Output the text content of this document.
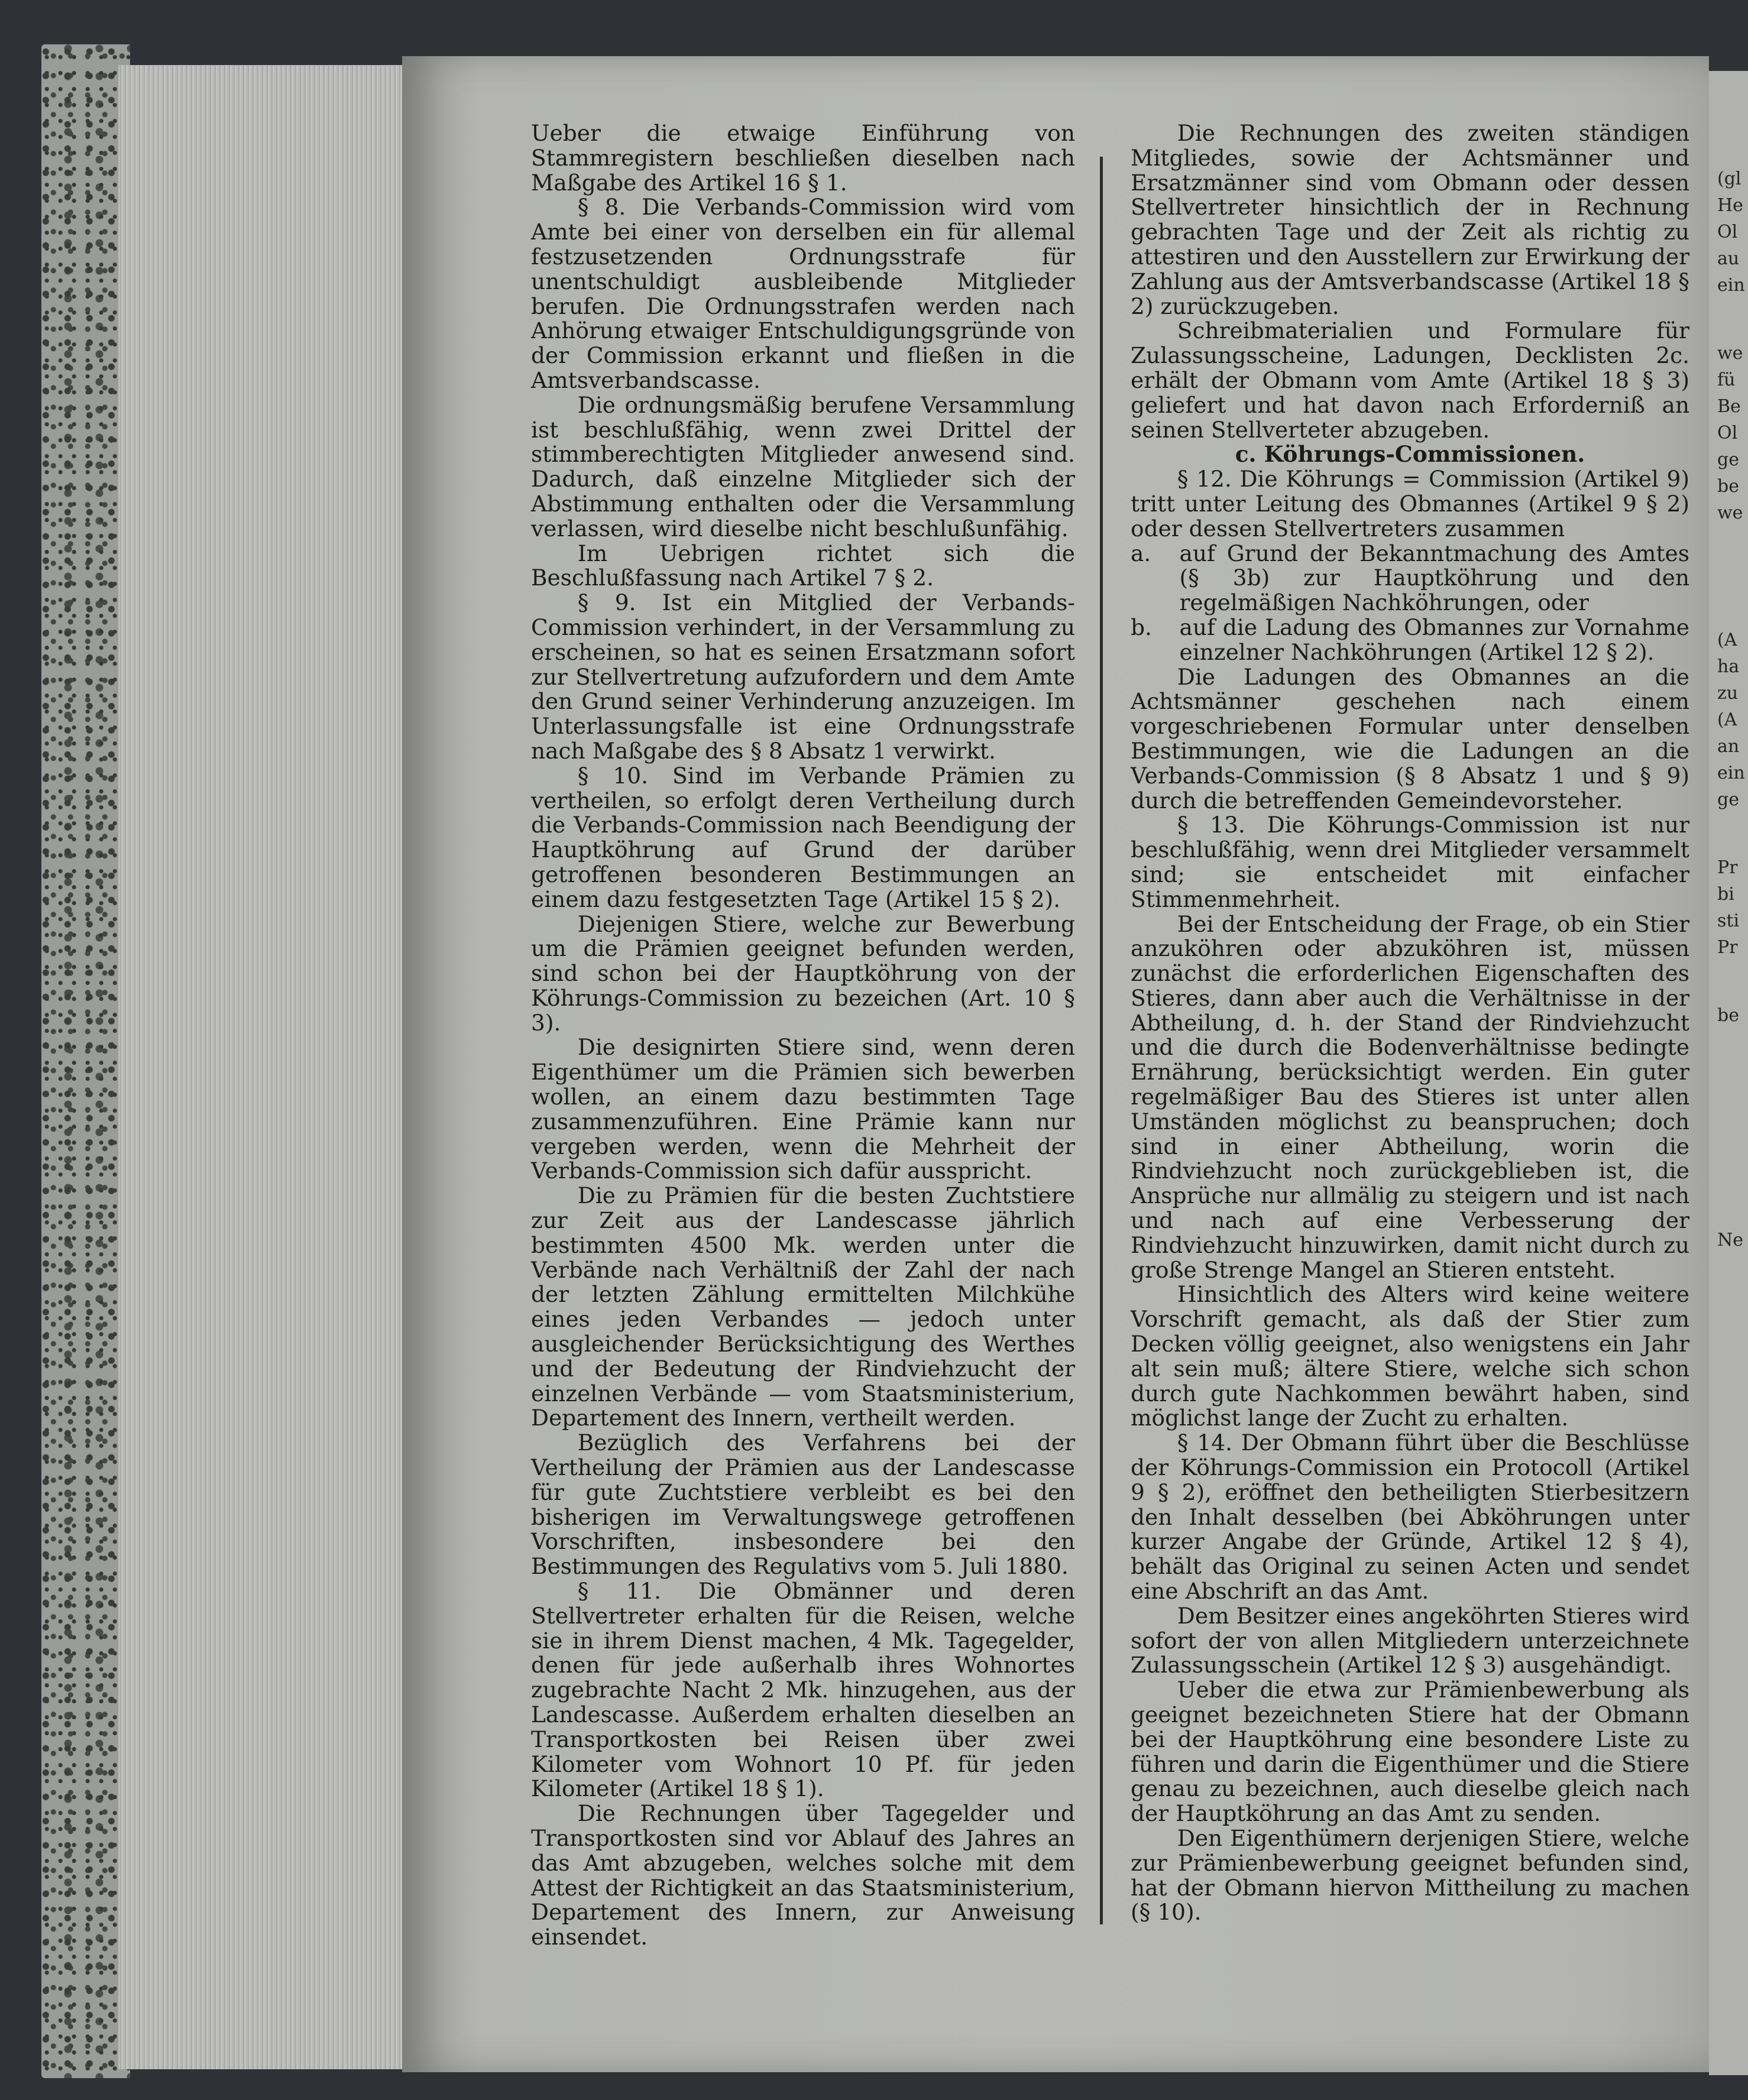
Ueber die etwaige Einführung von Stammregistern beschließen dieselben nach Maßgabe des Artikel 16 § 1.

§ 8. Die Verbands-Commission wird vom Amte bei einer von derselben ein für allemal festzusetzenden Ordnungsstrafe für unentschuldigt ausbleibende Mitglieder berufen. Die Ordnungsstrafen werden nach Anhörung etwaiger Entschuldigungsgründe von der Commission erkannt und fließen in die Amtsverbandscasse.

Die ordnungsmäßig berufene Versammlung ist beschlußfähig, wenn zwei Drittel der stimmberechtigten Mitglieder anwesend sind. Dadurch, daß einzelne Mitglieder sich der Abstimmung enthalten oder die Versammlung verlassen, wird dieselbe nicht beschlußunfähig.

Im Uebrigen richtet sich die Beschlußfassung nach Artikel 7 § 2.

§ 9. Ist ein Mitglied der Verbands-Commission verhindert, in der Versammlung zu erscheinen, so hat es seinen Ersatzmann sofort zur Stellvertretung aufzufordern und dem Amte den Grund seiner Verhinderung anzuzeigen. Im Unterlassungsfalle ist eine Ordnungsstrafe nach Maßgabe des § 8 Absatz 1 verwirkt.

§ 10. Sind im Verbande Prämien zu vertheilen, so erfolgt deren Vertheilung durch die Verbands-Commission nach Beendigung der Hauptköhrung auf Grund der darüber getroffenen besonderen Bestimmungen an einem dazu festgesetzten Tage (Artikel 15 § 2).

Diejenigen Stiere, welche zur Bewerbung um die Prämien geeignet befunden werden, sind schon bei der Hauptköhrung von der Köhrungs-Commission zu bezeichen (Art. 10 § 3).

Die designirten Stiere sind, wenn deren Eigenthümer um die Prämien sich bewerben wollen, an einem dazu bestimmten Tage zusammenzuführen. Eine Prämie kann nur vergeben werden, wenn die Mehrheit der Verbands-Commission sich dafür ausspricht.

Die zu Prämien für die besten Zuchtstiere zur Zeit aus der Landescasse jährlich bestimmten 4500 Mk. werden unter die Verbände nach Verhältniß der Zahl der nach der letzten Zählung ermittelten Milchkühe eines jeden Verbandes — jedoch unter ausgleichender Berücksichtigung des Werthes und der Bedeutung der Rindviehzucht der einzelnen Verbände — vom Staatsministerium, Departement des Innern, vertheilt werden.

Bezüglich des Verfahrens bei der Vertheilung der Prämien aus der Landescasse für gute Zuchtstiere verbleibt es bei den bisherigen im Verwaltungswege getroffenen Vorschriften, insbesondere bei den Bestimmungen des Regulativs vom 5. Juli 1880.

§ 11. Die Obmänner und deren Stellvertreter erhalten für die Reisen, welche sie in ihrem Dienst machen, 4 Mk. Tagegelder, denen für jede außerhalb ihres Wohnortes zugebrachte Nacht 2 Mk. hinzugehen, aus der Landescasse. Außerdem erhalten dieselben an Transportkosten bei Reisen über zwei Kilometer vom Wohnort 10 Pf. für jeden Kilometer (Artikel 18 § 1).

Die Rechnungen über Tagegelder und Transportkosten sind vor Ablauf des Jahres an das Amt abzugeben, welches solche mit dem Attest der Richtigkeit an das Staatsministerium, Departement des Innern, zur Anweisung einsendet.

Die Rechnungen des zweiten ständigen Mitgliedes, sowie der Achtsmänner und Ersatzmänner sind vom Obmann oder dessen Stellvertreter hinsichtlich der in Rechnung gebrachten Tage und der Zeit als richtig zu attestiren und den Ausstellern zur Erwirkung der Zahlung aus der Amtsverbandscasse (Artikel 18 § 2) zurückzugeben.

Schreibmaterialien und Formulare für Zulassungsscheine, Ladungen, Decklisten 2c. erhält der Obmann vom Amte (Artikel 18 § 3) geliefert und hat davon nach Erforderniß an seinen Stellverteter abzugeben.

c. Köhrungs-Commissionen.

§ 12. Die Köhrungs = Commission (Artikel 9) tritt unter Leitung des Obmannes (Artikel 9 § 2) oder dessen Stellvertreters zusammen

a. auf Grund der Bekanntmachung des Amtes (§ 3b) zur Hauptköhrung und den regelmäßigen Nachköhrungen, oder

b. auf die Ladung des Obmannes zur Vornahme einzelner Nachköhrungen (Artikel 12 § 2).

Die Ladungen des Obmannes an die Achtsmänner geschehen nach einem vorgeschriebenen Formular unter denselben Bestimmungen, wie die Ladungen an die Verbands-Commission (§ 8 Absatz 1 und § 9) durch die betreffenden Gemeindevorsteher.

§ 13. Die Köhrungs-Commission ist nur beschlußfähig, wenn drei Mitglieder versammelt sind; sie entscheidet mit einfacher Stimmenmehrheit.

Bei der Entscheidung der Frage, ob ein Stier anzuköhren oder abzuköhren ist, müssen zunächst die erforderlichen Eigenschaften des Stieres, dann aber auch die Verhältnisse in der Abtheilung, d. h. der Stand der Rindviehzucht und die durch die Bodenverhältnisse bedingte Ernährung, berücksichtigt werden. Ein guter regelmäßiger Bau des Stieres ist unter allen Umständen möglichst zu beanspruchen; doch sind in einer Abtheilung, worin die Rindviehzucht noch zurückgeblieben ist, die Ansprüche nur allmälig zu steigern und ist nach und nach auf eine Verbesserung der Rindviehzucht hinzuwirken, damit nicht durch zu große Strenge Mangel an Stieren entsteht.

Hinsichtlich des Alters wird keine weitere Vorschrift gemacht, als daß der Stier zum Decken völlig geeignet, also wenigstens ein Jahr alt sein muß; ältere Stiere, welche sich schon durch gute Nachkommen bewährt haben, sind möglichst lange der Zucht zu erhalten.

§ 14. Der Obmann führt über die Beschlüsse der Köhrungs-Commission ein Protocoll (Artikel 9 § 2), eröffnet den betheiligten Stierbesitzern den Inhalt desselben (bei Abköhrungen unter kurzer Angabe der Gründe, Artikel 12 § 4), behält das Original zu seinen Acten und sendet eine Abschrift an das Amt.

Dem Besitzer eines angeköhrten Stieres wird sofort der von allen Mitgliedern unterzeichnete Zulassungsschein (Artikel 12 § 3) ausgehändigt.

Ueber die etwa zur Prämienbewerbung als geeignet bezeichneten Stiere hat der Obmann bei der Hauptköhrung eine besondere Liste zu führen und darin die Eigenthümer und die Stiere genau zu bezeichnen, auch dieselbe gleich nach der Hauptköhrung an das Amt zu senden.

Den Eigenthümern derjenigen Stiere, welche zur Prämienbewerbung geeignet befunden sind, hat der Obmann hiervon Mittheilung zu machen (§ 10).

(gl
He
Ol
au
ein
we
fü
Be
Ol
ge
be
we
(A
ha
zu
(A
an
ein
ge
Pr
bi
sti
Pr
be
Ne
